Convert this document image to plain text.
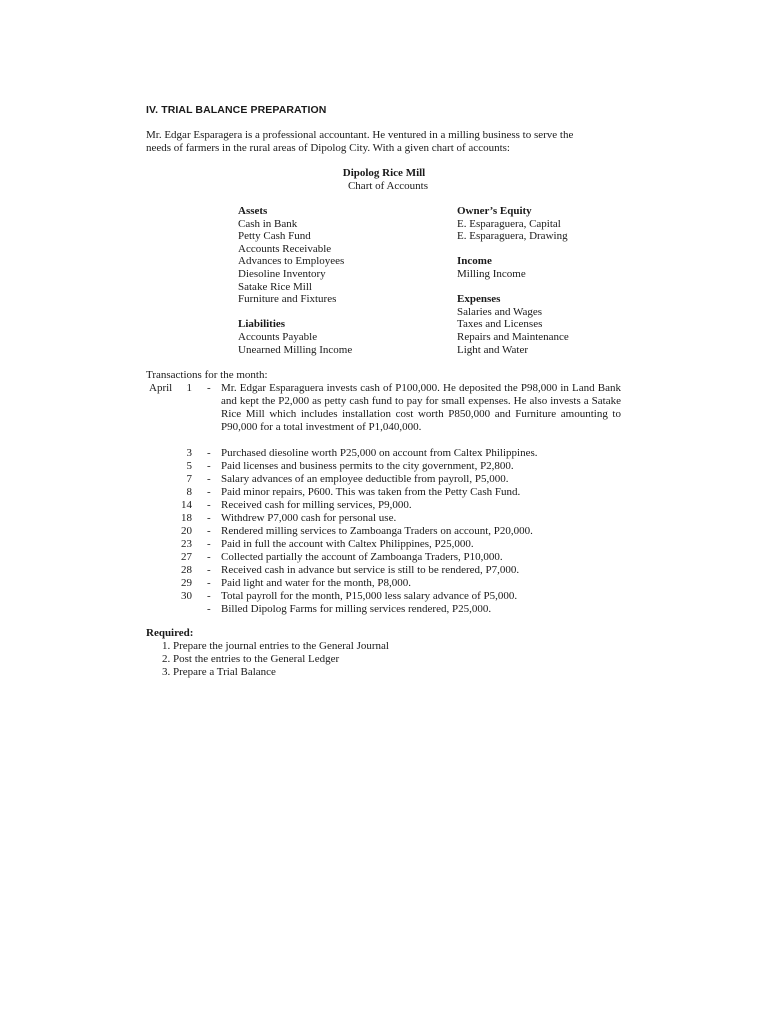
IV. TRIAL BALANCE PREPARATION
Mr. Edgar Esparagera is a professional accountant. He ventured in a milling business to serve the
needs of farmers in the rural areas of Dipolog City. With a given chart of accounts:
Dipolog Rice Mill
Chart of Accounts
Assets
Cash in Bank
Petty Cash Fund
Accounts Receivable
Advances to Employees
Diesoline Inventory
Satake Rice Mill
Furniture and Fixtures
Liabilities
Accounts Payable
Unearned Milling Income
Owner’s Equity
E. Esparaguera, Capital
E. Esparaguera, Drawing
Income
Milling Income
Expenses
Salaries and Wages
Taxes and Licenses
Repairs and Maintenance
Light and Water
Transactions for the month:
April	1 - Mr. Edgar Esparaguera invests cash of P100,000. He deposited the P98,000 in Land Bank and kept the P2,000 as petty cash fund to pay for small expenses. He also invests a Satake Rice Mill which includes installation cost worth P850,000 and Furniture amounting to P90,000 for a total investment of P1,040,000.
3 - Purchased diesoline worth P25,000 on account from Caltex Philippines.
5 - Paid licenses and business permits to the city government, P2,800.
7 - Salary advances of an employee deductible from payroll, P5,000.
8 - Paid minor repairs, P600. This was taken from the Petty Cash Fund.
14 - Received cash for milling services, P9,000.
18 - Withdrew P7,000 cash for personal use.
20 - Rendered milling services to Zamboanga Traders on account, P20,000.
23 - Paid in full the account with Caltex Philippines, P25,000.
27 - Collected partially the account of Zamboanga Traders, P10,000.
28 - Received cash in advance but service is still to be rendered, P7,000.
29 - Paid light and water for the month, P8,000.
30 - Total payroll for the month, P15,000 less salary advance of P5,000.
- Billed Dipolog Farms for milling services rendered, P25,000.
Required:
1. Prepare the journal entries to the General Journal
2. Post the entries to the General Ledger
3. Prepare a Trial Balance
